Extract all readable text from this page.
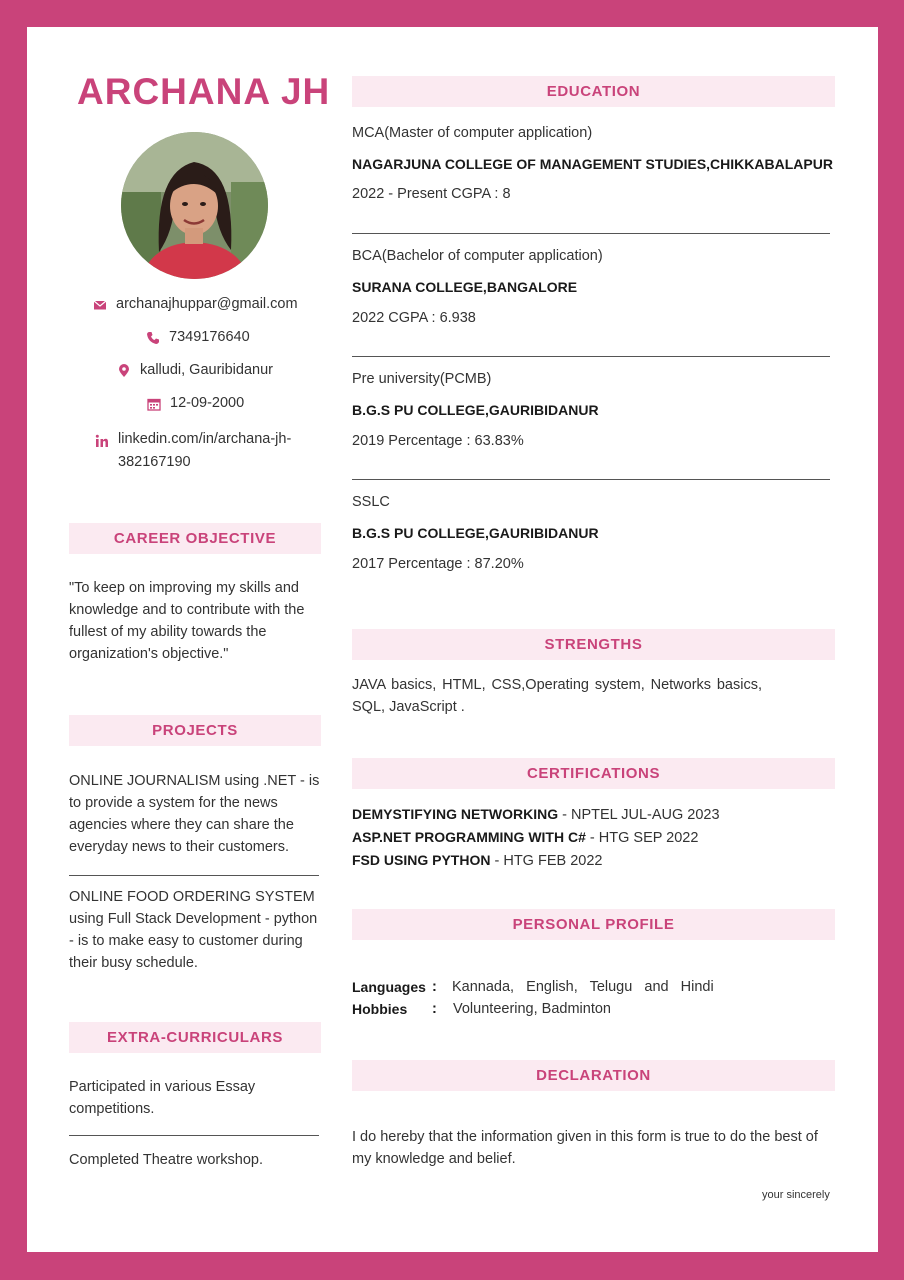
ARCHANA JH
archanajhuppar@gmail.com
7349176640
kalludi, Gauribidanur
12-09-2000
linkedin.com/in/archana-jh-
382167190
CAREER OBJECTIVE
"To keep on improving my skills and knowledge and to contribute with the fullest of my ability towards the organization's objective."
PROJECTS
ONLINE JOURNALISM using .NET - is to provide a system for the news agencies where they can share the everyday news to their customers.
ONLINE FOOD ORDERING SYSTEM using Full Stack Development - python - is to make easy to customer during their busy schedule.
EXTRA-CURRICULARS
Participated in various Essay competitions.
Completed Theatre workshop.
EDUCATION
MCA(Master of computer application)
NAGARJUNA COLLEGE OF MANAGEMENT STUDIES,CHIKKABALAPUR
2022 - Present CGPA : 8
BCA(Bachelor of computer application)
SURANA COLLEGE,BANGALORE
2022 CGPA : 6.938
Pre university(PCMB)
B.G.S PU COLLEGE,GAURIBIDANUR
2019 Percentage : 63.83%
SSLC
B.G.S PU COLLEGE,GAURIBIDANUR
2017 Percentage : 87.20%
STRENGTHS
JAVA basics, HTML, CSS,Operating system, Networks basics, SQL, JavaScript .
CERTIFICATIONS
DEMYSTIFYING NETWORKING - NPTEL JUL-AUG 2023
ASP.NET PROGRAMMING WITH C# - HTG SEP 2022
FSD USING PYTHON - HTG FEB 2022
PERSONAL PROFILE
Languages :	Kannada,   English,   Telugu   and   Hindi
Hobbies	:	Volunteering, Badminton
DECLARATION
I do hereby that the information given in this form is true to do the best of my knowledge and belief.
your sincerely
